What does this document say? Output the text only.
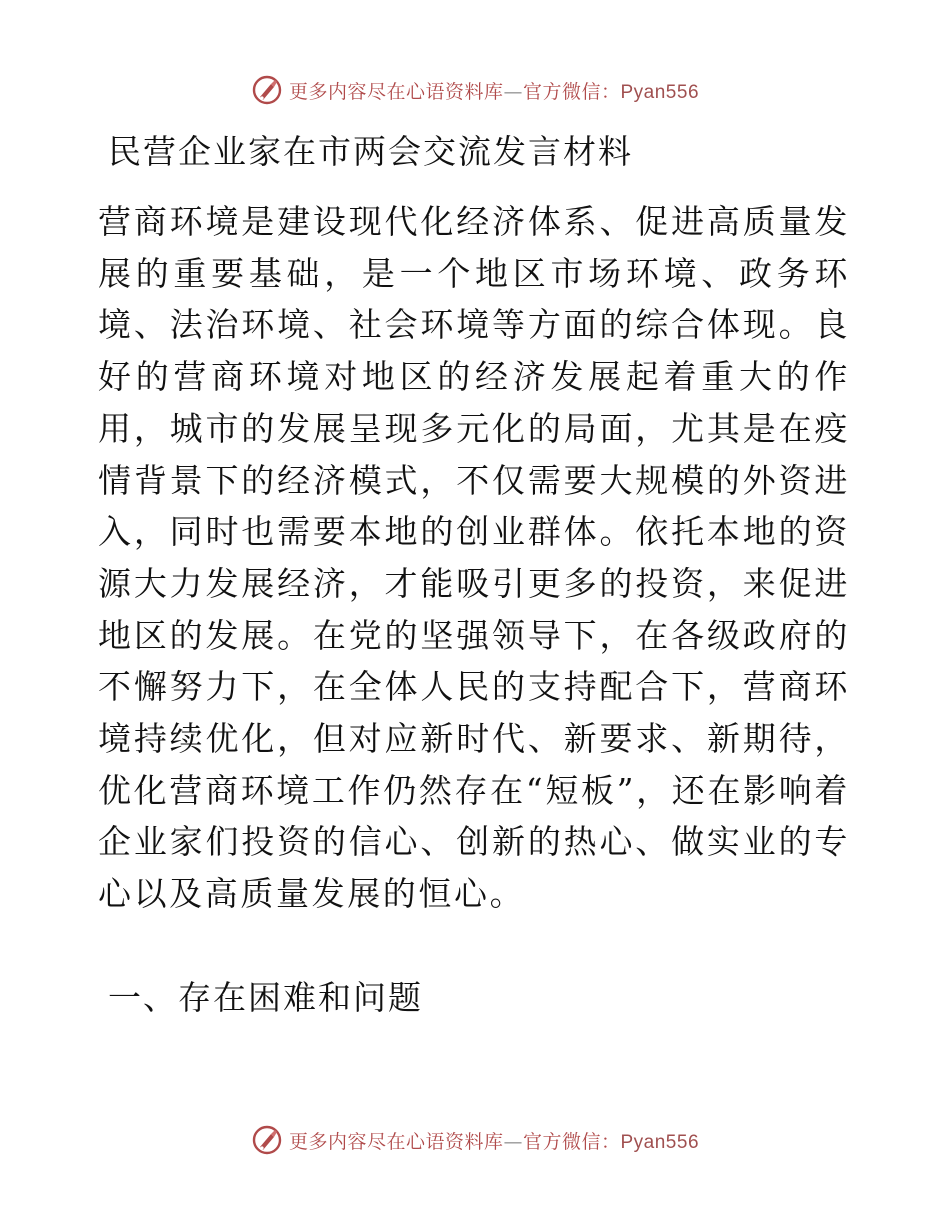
更多内容尽在心语资料库—官方微信：Pyan556
民营企业家在市两会交流发言材料

营商环境是建设现代化经济体系、促进高质量发展的重要基础，是一个地区市场环境、政务环境、法治环境、社会环境等方面的综合体现。良好的营商环境对地区的经济发展起着重大的作用，城市的发展呈现多元化的局面，尤其是在疫情背景下的经济模式，不仅需要大规模的外资进入，同时也需要本地的创业群体。依托本地的资源大力发展经济，才能吸引更多的投资，来促进地区的发展。在党的坚强领导下，在各级政府的不懈努力下，在全体人民的支持配合下，营商环境持续优化，但对应新时代、新要求、新期待，优化营商环境工作仍然存在“短板”，还在影响着企业家们投资的信心、创新的热心、做实业的专心以及高质量发展的恒心。

一、存在困难和问题
更多内容尽在心语资料库—官方微信：Pyan556
